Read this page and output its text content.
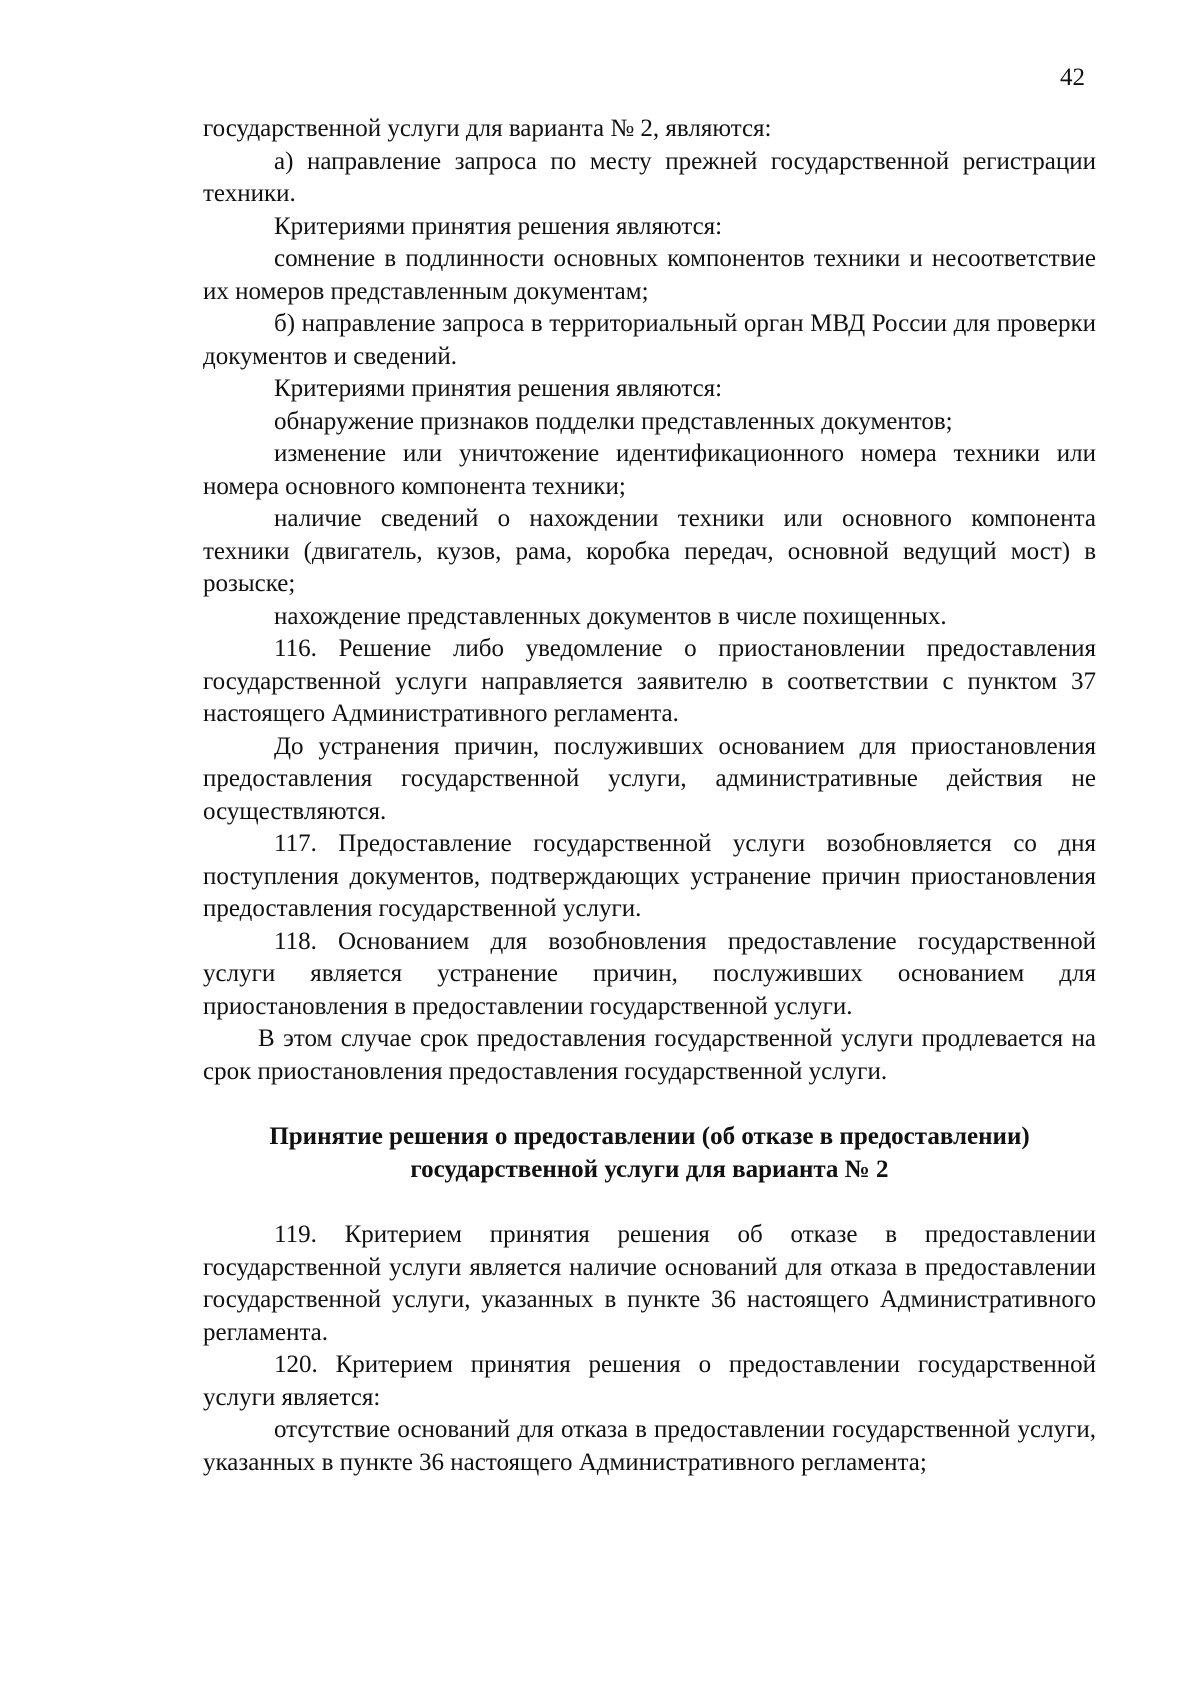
42

государственной услуги для варианта № 2, являются:

а) направление запроса по месту прежней государственной регистрации техники.

Критериями принятия решения являются:

сомнение в подлинности основных компонентов техники и несоответствие их номеров представленным документам;

б) направление запроса в территориальный орган МВД России для проверки документов и сведений.

Критериями принятия решения являются:

обнаружение признаков подделки представленных документов;

изменение или уничтожение идентификационного номера техники или номера основного компонента техники;

наличие сведений о нахождении техники или основного компонента техники (двигатель, кузов, рама, коробка передач, основной ведущий мост) в розыске;

нахождение представленных документов в числе похищенных.

116. Решение либо уведомление о приостановлении предоставления государственной услуги направляется заявителю в соответствии с пунктом 37 настоящего Административного регламента.

До устранения причин, послуживших основанием для приостановления предоставления государственной услуги, административные действия не осуществляются.

117. Предоставление государственной услуги возобновляется со дня поступления документов, подтверждающих устранение причин приостановления предоставления государственной услуги.

118. Основанием для возобновления предоставление государственной услуги является устранение причин, послуживших основанием для приостановления в предоставлении государственной услуги.

В этом случае срок предоставления государственной услуги продлевается на срок приостановления предоставления государственной услуги.

Принятие решения о предоставлении (об отказе в предоставлении)
государственной услуги для варианта № 2

119. Критерием принятия решения об отказе в предоставлении государственной услуги является наличие оснований для отказа в предоставлении государственной услуги, указанных в пункте 36 настоящего Административного регламента.

120. Критерием принятия решения о предоставлении государственной услуги является:

отсутствие оснований для отказа в предоставлении государственной услуги, указанных в пункте 36 настоящего Административного регламента;
